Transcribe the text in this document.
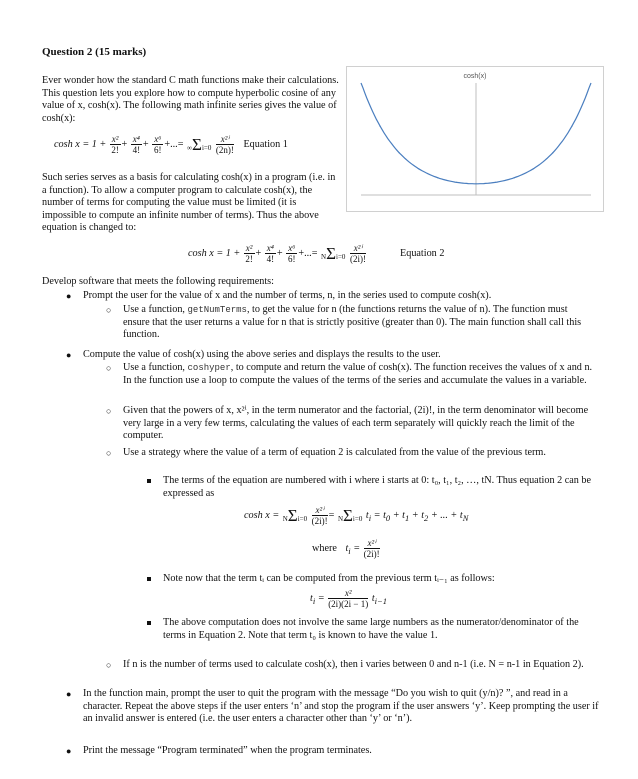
Question 2 (15 marks)
Ever wonder how the standard C math functions make their calculations. This question lets you explore how to compute hyperbolic cosine of any value of x, cosh(x). The following math infinite series gives the value of cosh(x):
$\cosh x = 1 + \frac{\text{x²}}{2!} + \frac{\text{x⁴}}{4!} + \frac{\text{x⁶}}{6!}$ +...= $\infty\Sigma i=0 \frac{\text{x²ⁱ}}{(2n)!}$ Equation 1
cosh(x)
Such series serves as a basis for calculating cosh(x) in a program (i.e. in a function). To allow a computer program to calculate cosh(x), the number of terms for computing the value must be limited (it is impossible to compute an infinite number of terms). Thus the above equation is changed to:
$\cosh x = 1 + \frac{\text{x²}}{2!} + \frac{\text{x⁴}}{4!} + \frac{\text{x⁶}}{6!}$ +...= $N\Sigma i=0 \frac{\text{x²ⁱ}}{(2i)!}$	Equation 2
Develop software that meets the following requirements:
● Prompt the user for the value of x and the number of terms, n, in the series used to compute cosh(x).
○ Use a function, getNumTerms, to get the value for n (the functions returns the value of n). The function must ensure that the user returns a value for n that is strictly positive (greater than 0). The main function shall call this function.
● Compute the value of cosh(x) using the above series and displays the results to the user.
○ Use a function, coshyper, to compute and return the value of cosh(x). The function receives the values of x and n. In the function use a loop to compute the values of the terms of the series and accumulate the values in a variable.
○ Given that the powers of x, x²ⁱ, in the term numerator and the factorial, (2i)!, in the term denominator will become very large in a very few terms, calculating the values of each term separately will quickly reach the limit of the computer.
○ Use a strategy where the value of a term of equation 2 is calculated from the value of the previous term.
The terms of the equation are numbered with i where i starts at 0: t₀, t₁, t₂, …, tN. Thus equation 2 can be expressed as
$\cosh x = N\Sigma i=0 \frac{\text{x²ⁱ}}{(2i)!} = N\Sigma i=0$ $t_i = t_0 + t_1 + t_2$ + ... + $t_N$
where $t_i = \frac{\text{x²ⁱ}}{(2i)!}$
Note now that the term tᵢ can be computed from the previous term tᵢ₋₁ as follows:
$t_i = \frac{\text{x²}}{(2i)(2i - 1)} t_{i-1}$
The above computation does not involve the same large numbers as the numerator/denominator of the terms in Equation 2. Note that term t₀ is known to have the value 1.
○ If n is the number of terms used to calculate cosh(x), then i varies between 0 and n-1 (i.e. N = n-1 in Equation 2).
● In the function main, prompt the user to quit the program with the message “Do you wish to quit (y/n)? ”, and read in a character. Repeat the above steps if the user enters ‘n’ and stop the program if the user answers ‘y’. Keep prompting the user if an invalid answer is entered (i.e. the user enters a character other than ‘y’ or ‘n’).
● Print the message “Program terminated” when the program terminates.
